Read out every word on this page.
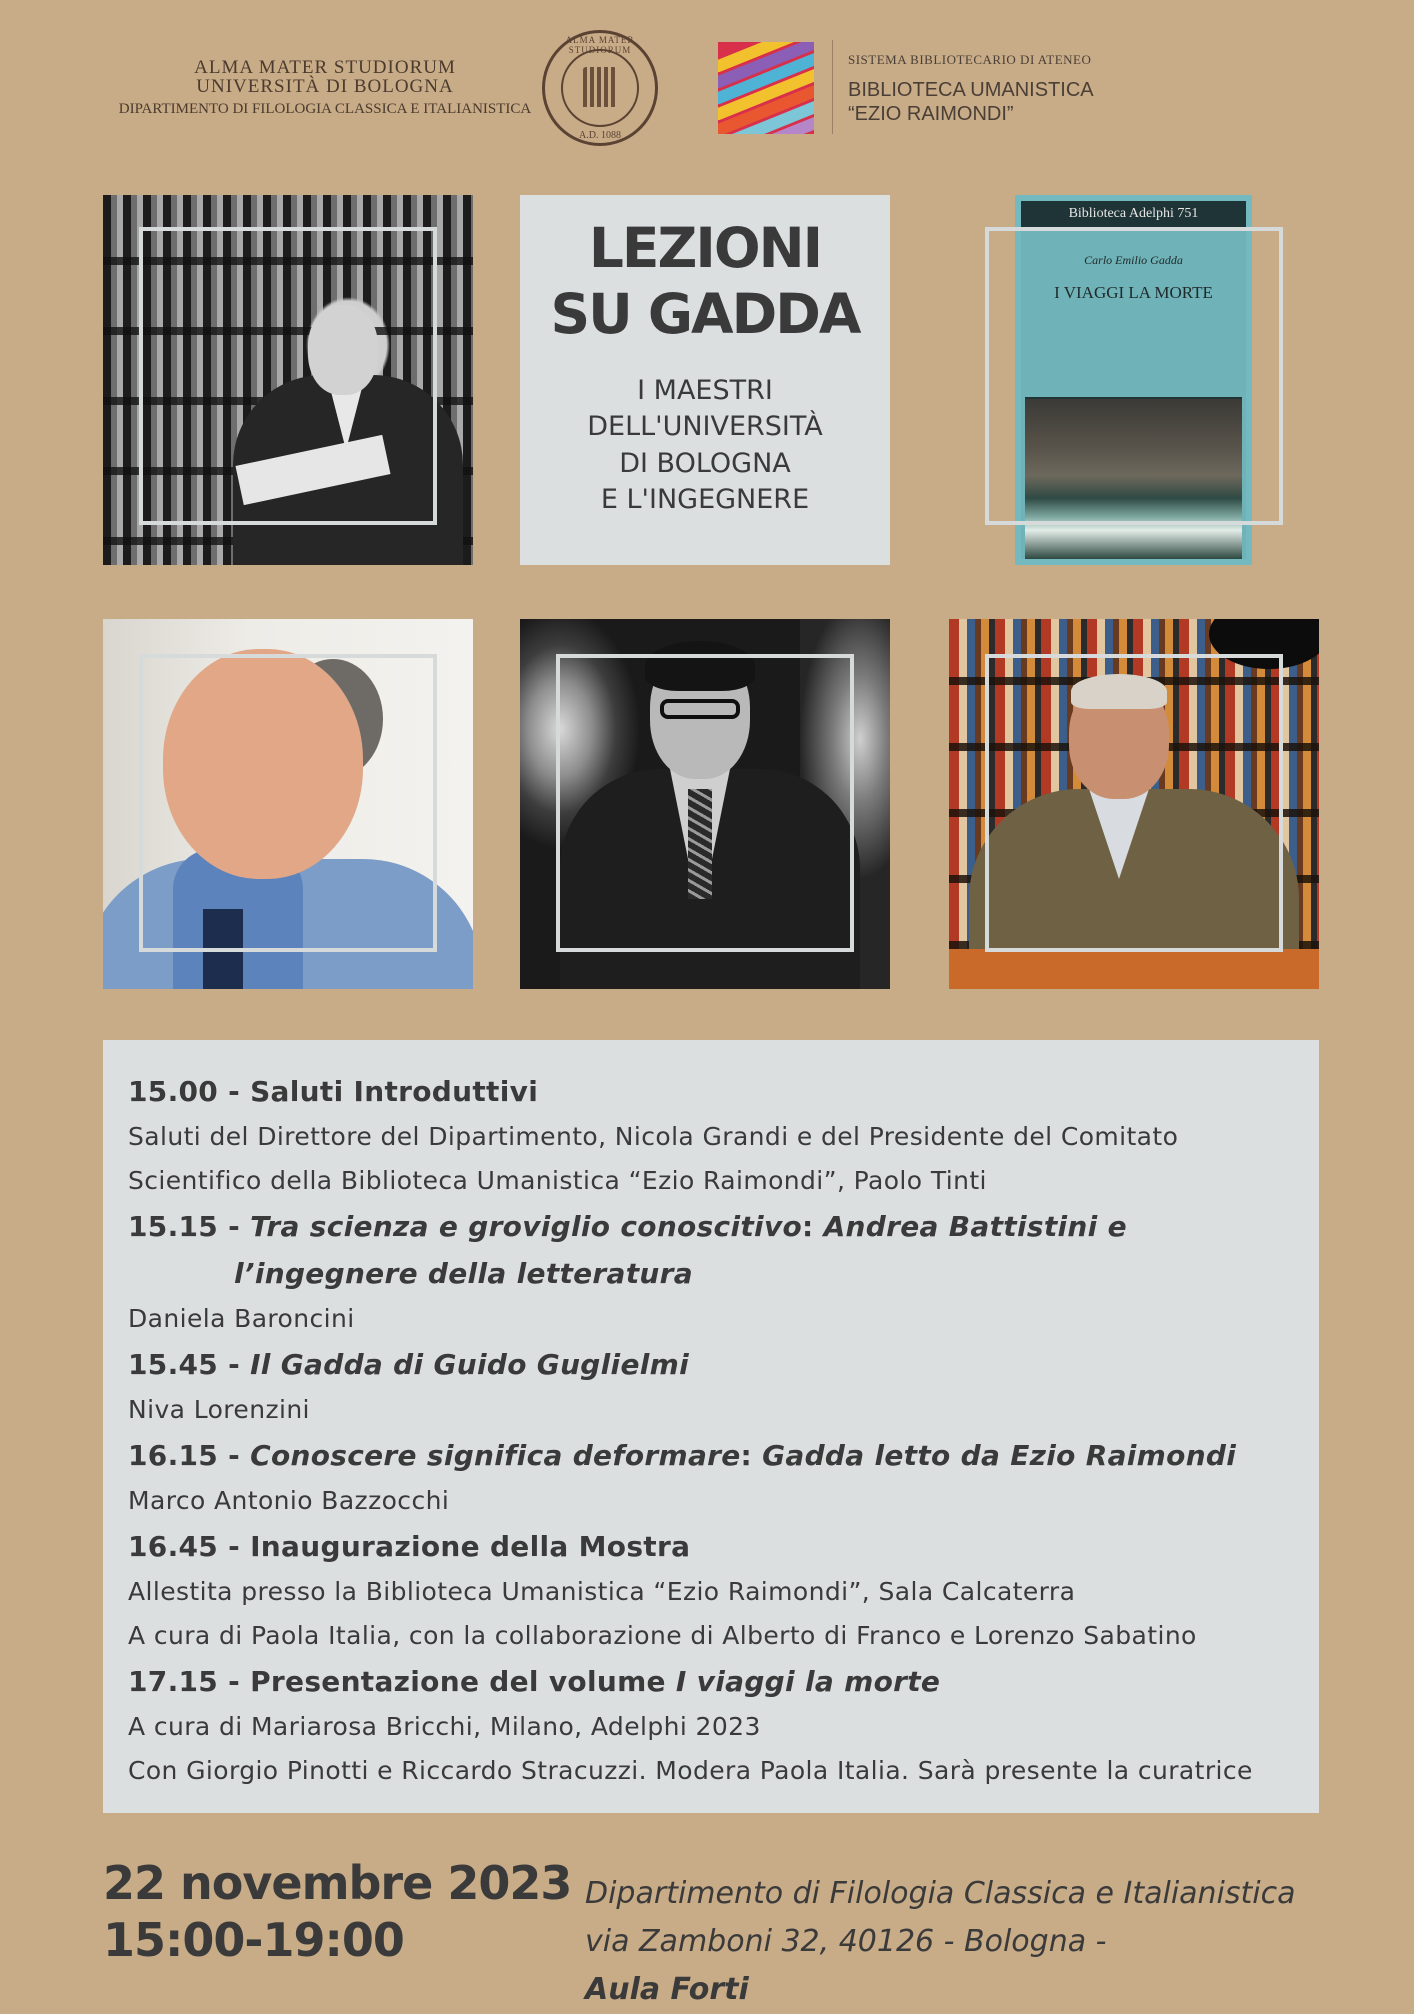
ALMA MATER STUDIORUM
UNIVERSITÀ DI BOLOGNA
DIPARTIMENTO DI FILOLOGIA CLASSICA E ITALIANISTICA
ALMA MATER STUDIORUM
A.D. 1088
SISTEMA BIBLIOTECARIO DI ATENEO
BIBLIOTECA UMANISTICA
“EZIO RAIMONDI”
LEZIONI
SU GADDA
I MAESTRI
DELL'UNIVERSITÀ
DI BOLOGNA
E L'INGEGNERE
Biblioteca Adelphi 751
Carlo Emilio Gadda
I VIAGGI LA MORTE
15.00 - Saluti Introduttivi
Saluti del Direttore del Dipartimento, Nicola Grandi e del Presidente del Comitato
Scientifico della Biblioteca Umanistica “Ezio Raimondi”, Paolo Tinti
15.15 - Tra scienza e groviglio conoscitivo: Andrea Battistini e
l’ingegnere della letteratura
Daniela Baroncini
15.45 - Il Gadda di Guido Guglielmi
Niva Lorenzini
16.15 - Conoscere significa deformare: Gadda letto da Ezio Raimondi
Marco Antonio Bazzocchi
16.45 - Inaugurazione della Mostra
Allestita presso la Biblioteca Umanistica “Ezio Raimondi”, Sala Calcaterra
A cura di Paola Italia, con la collaborazione di Alberto di Franco e Lorenzo Sabatino
17.15 - Presentazione del volume I viaggi la morte
A cura di Mariarosa Bricchi, Milano, Adelphi 2023
Con Giorgio Pinotti e Riccardo Stracuzzi. Modera Paola Italia. Sarà presente la curatrice
22 novembre 2023
15:00-19:00
Dipartimento di Filologia Classica e Italianistica
via Zamboni 32, 40126 - Bologna -
Aula Forti
